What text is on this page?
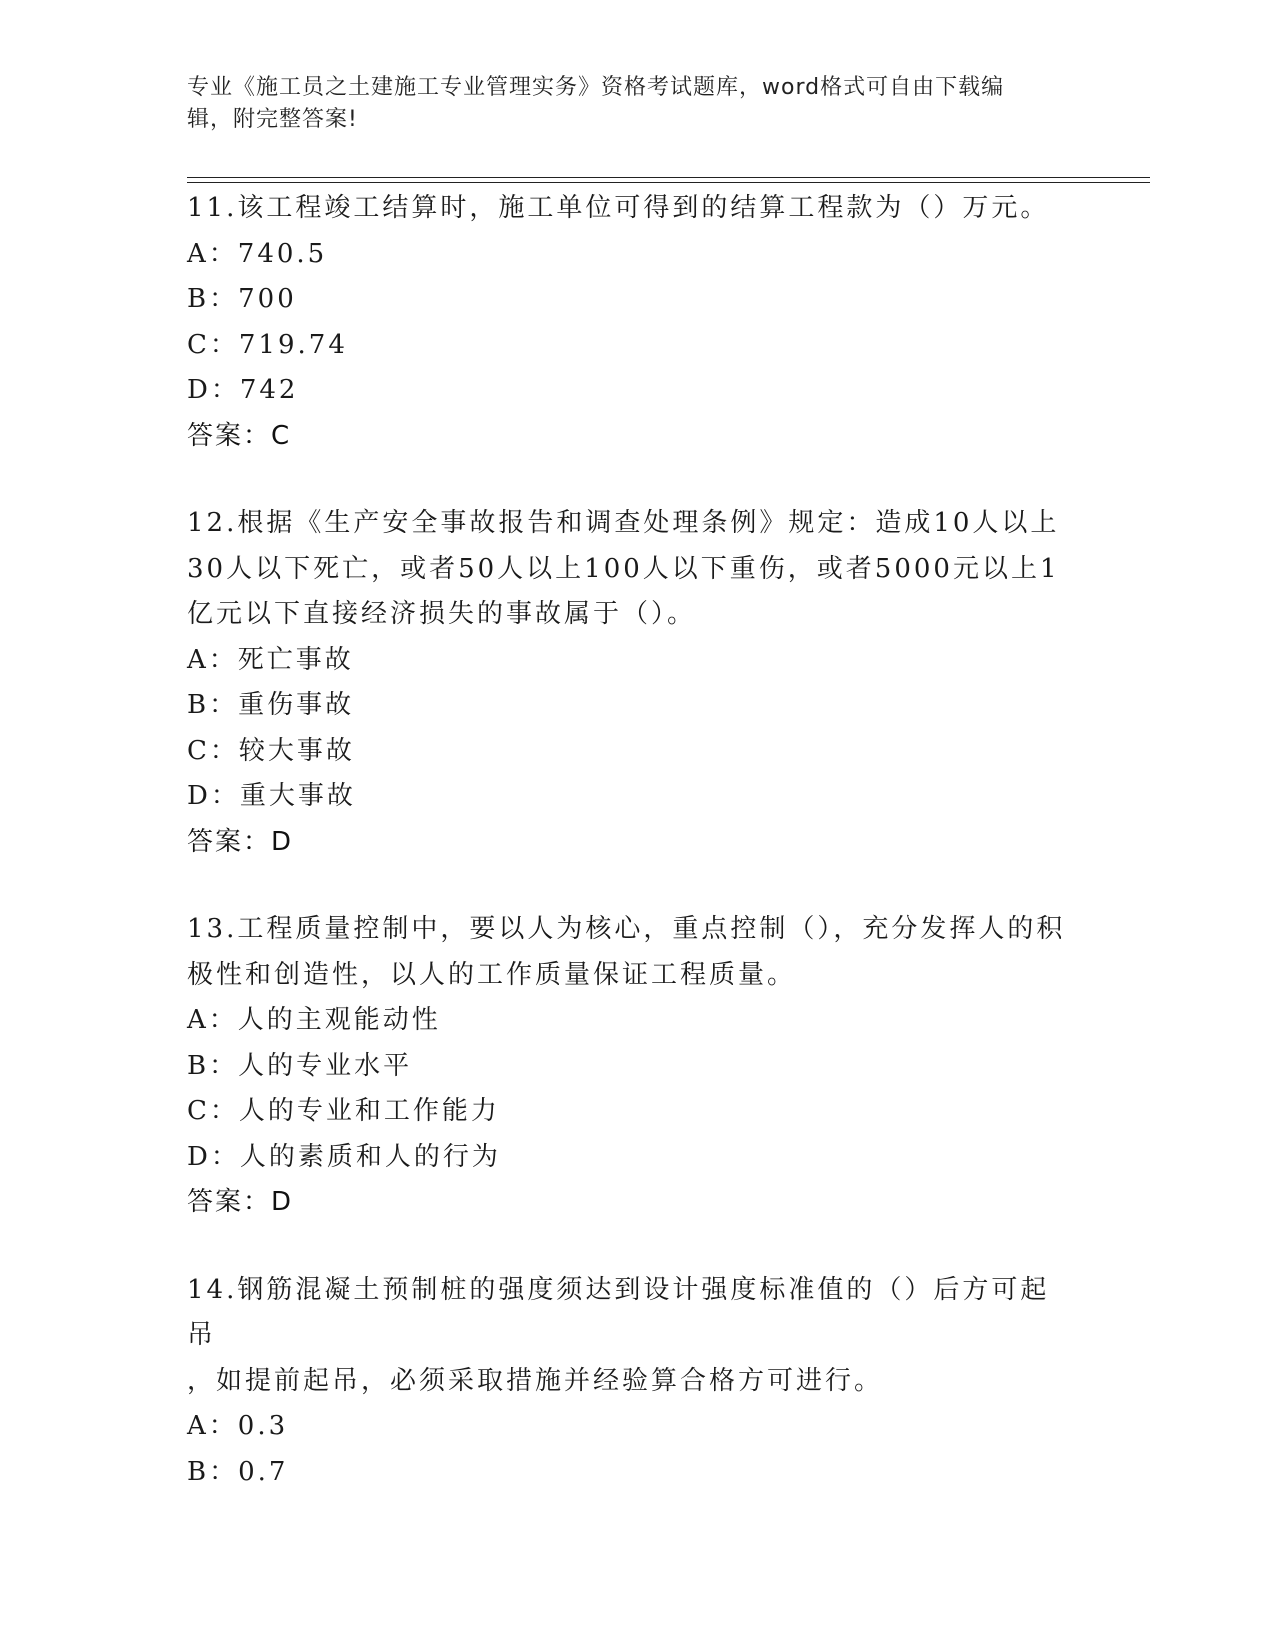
专业《施工员之土建施工专业管理实务》资格考试题库，word格式可自由下载编
辑，附完整答案!
11.该工程竣工结算时，施工单位可得到的结算工程款为（）万元。
A：740.5
B：700
C：719.74
D：742
答案：C
12.根据《生产安全事故报告和调查处理条例》规定：造成10人以上
30人以下死亡，或者50人以上100人以下重伤，或者5000元以上1
亿元以下直接经济损失的事故属于（）。
A：死亡事故
B：重伤事故
C：较大事故
D：重大事故
答案：D
13.工程质量控制中，要以人为核心，重点控制（），充分发挥人的积
极性和创造性，以人的工作质量保证工程质量。
A：人的主观能动性
B：人的专业水平
C：人的专业和工作能力
D：人的素质和人的行为
答案：D
14.钢筋混凝土预制桩的强度须达到设计强度标准值的（）后方可起吊
，如提前起吊，必须采取措施并经验算合格方可进行。
A：0.3
B：0.7
